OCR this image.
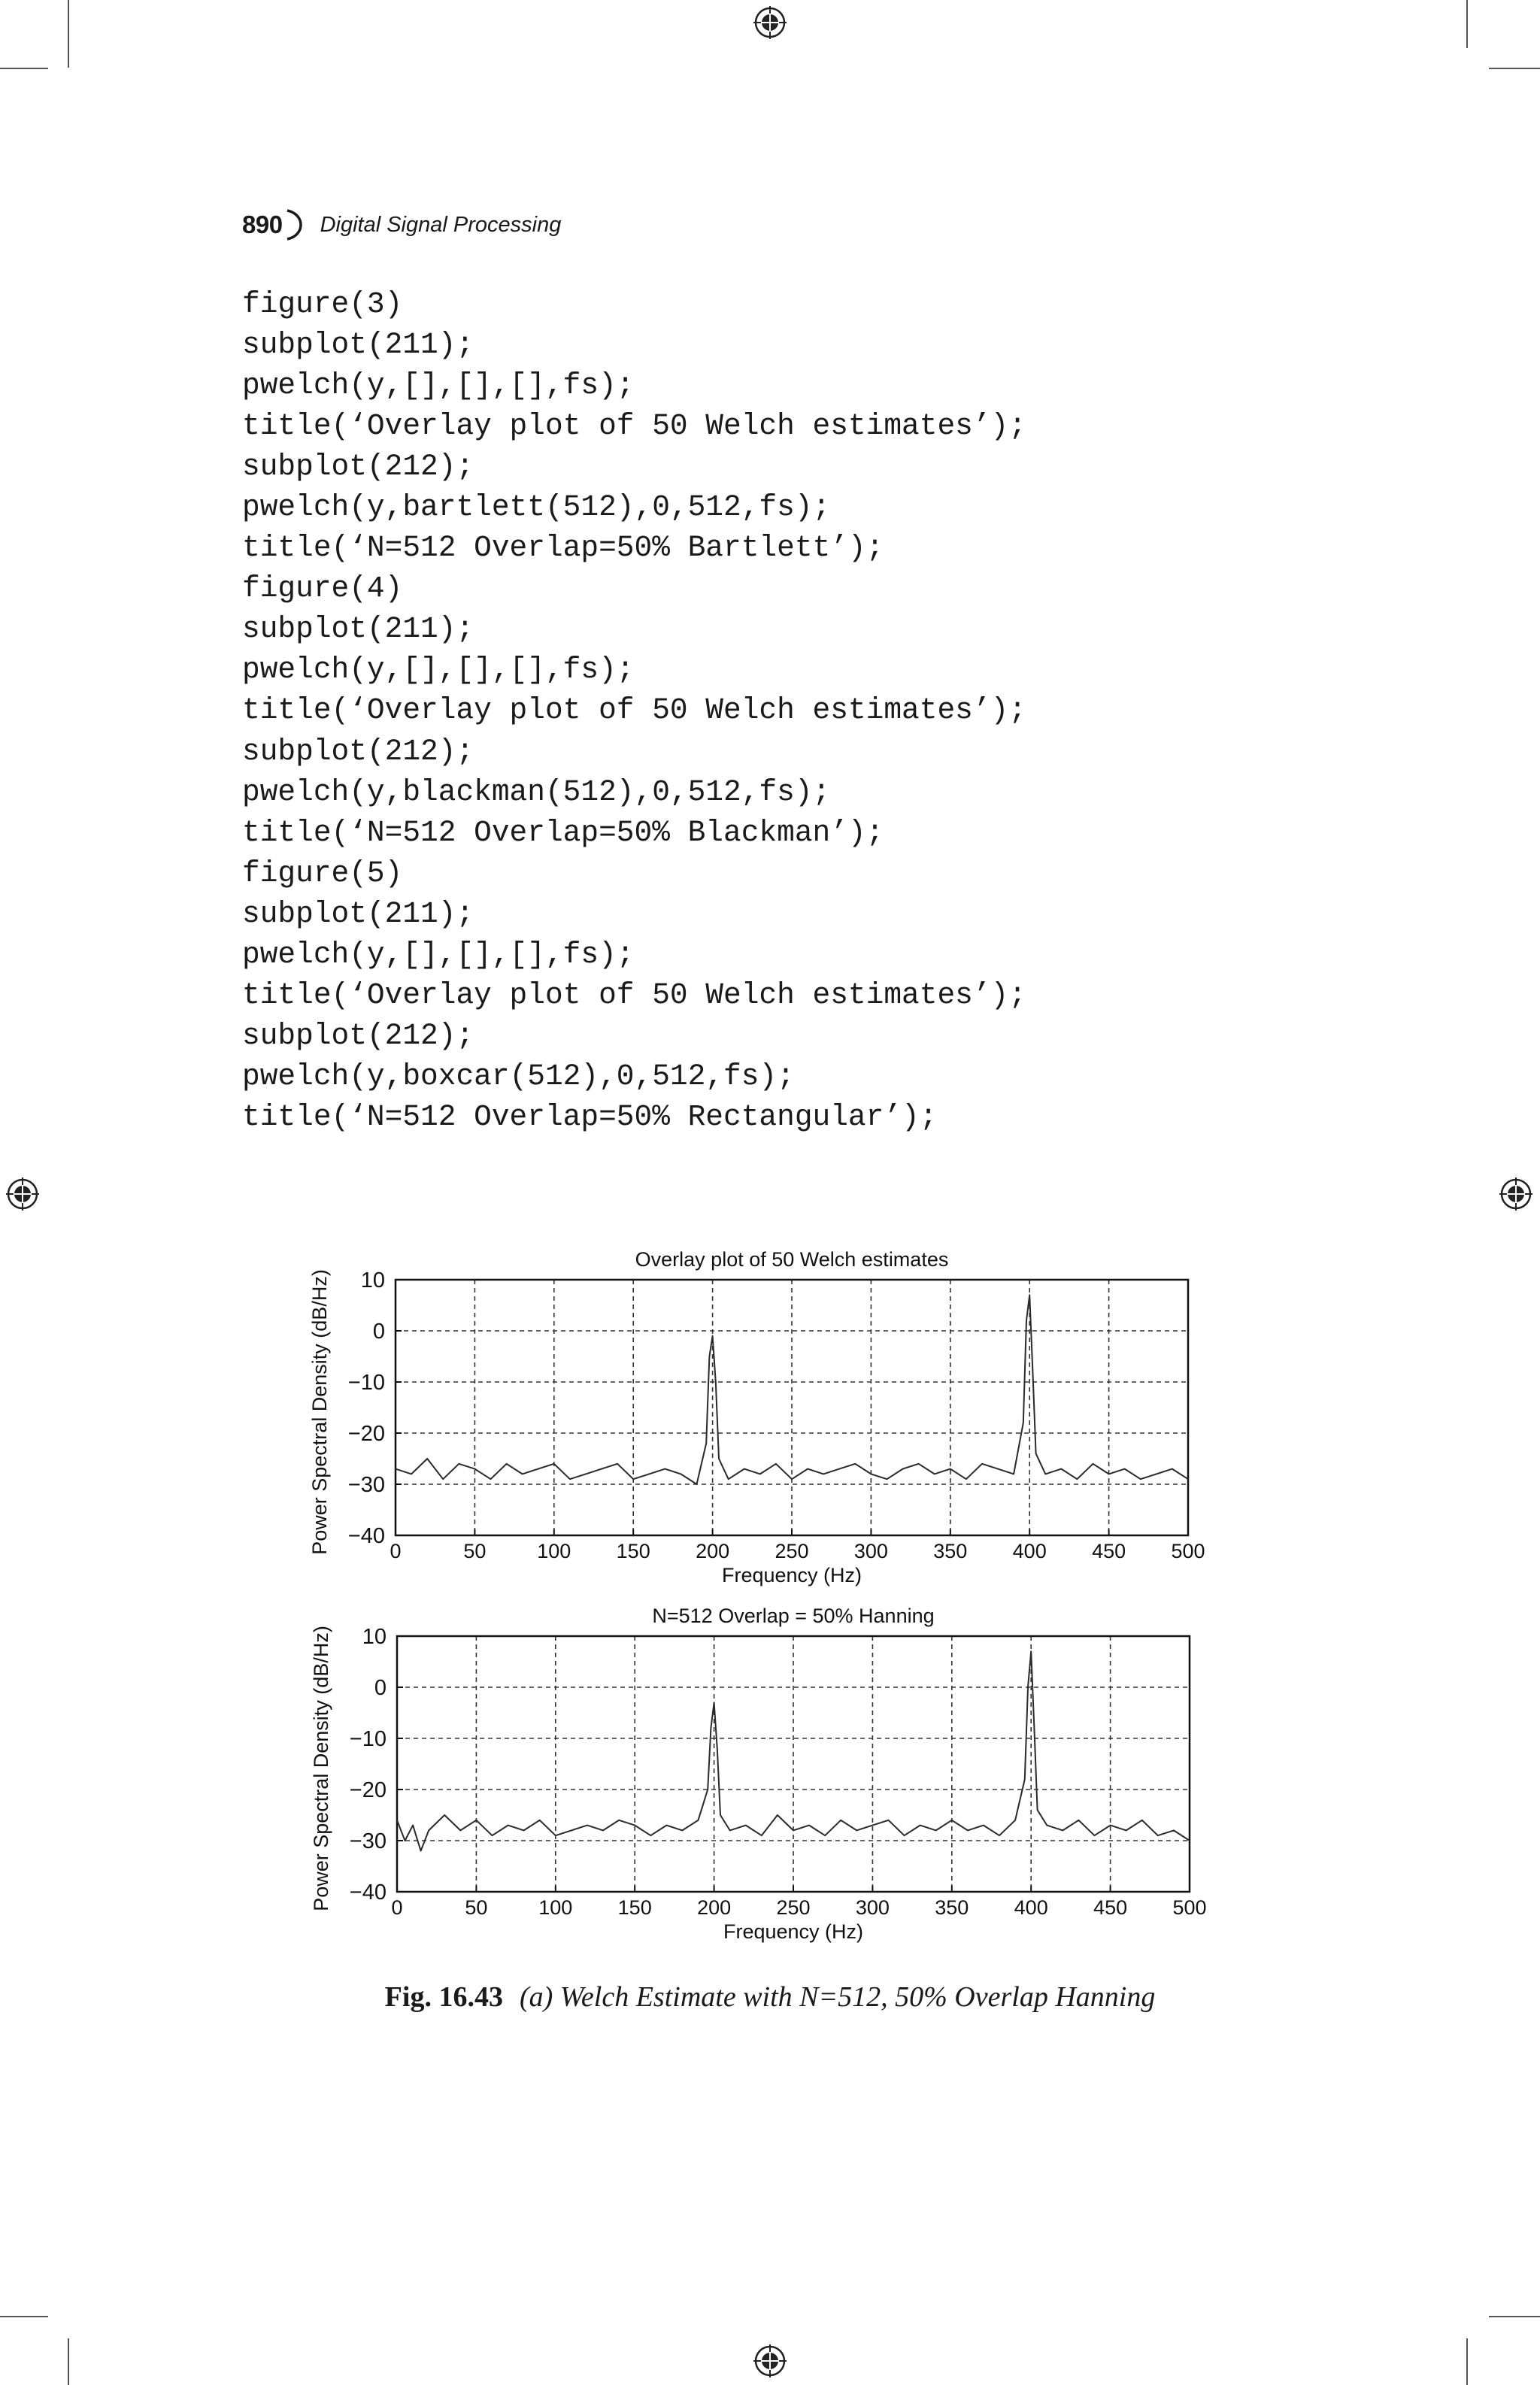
890 Digital Signal Processing
figure(3)
subplot(211);
pwelch(y,[],[],[],fs);
title(‘Overlay plot of 50 Welch estimates’);
subplot(212);
pwelch(y,bartlett(512),0,512,fs);
title(‘N=512 Overlap=50% Bartlett’);
figure(4)
subplot(211);
pwelch(y,[],[],[],fs);
title(‘Overlay plot of 50 Welch estimates’);
subplot(212);
pwelch(y,blackman(512),0,512,fs);
title(‘N=512 Overlap=50% Blackman’);
figure(5)
subplot(211);
pwelch(y,[],[],[],fs);
title(‘Overlay plot of 50 Welch estimates’);
subplot(212);
pwelch(y,boxcar(512),0,512,fs);
title(‘N=512 Overlap=50% Rectangular’);
0	50	100 150 200 250 300 350 400 450 500
10
0
−10
−20
−30
−40
Overlay plot of 50 Welch estimates
Frequency (Hz)
Power Spectral Density (dB/Hz)
0	50	100 150 200 250 300 350 400 450 500
10
0
−10
−20
−30
−40
N=512 Overlap = 50% Hanning
Frequency (Hz)
Power Spectral Density (dB/Hz)
Fig. 16.43 (a) Welch Estimate with N=512, 50% Overlap Hanning
